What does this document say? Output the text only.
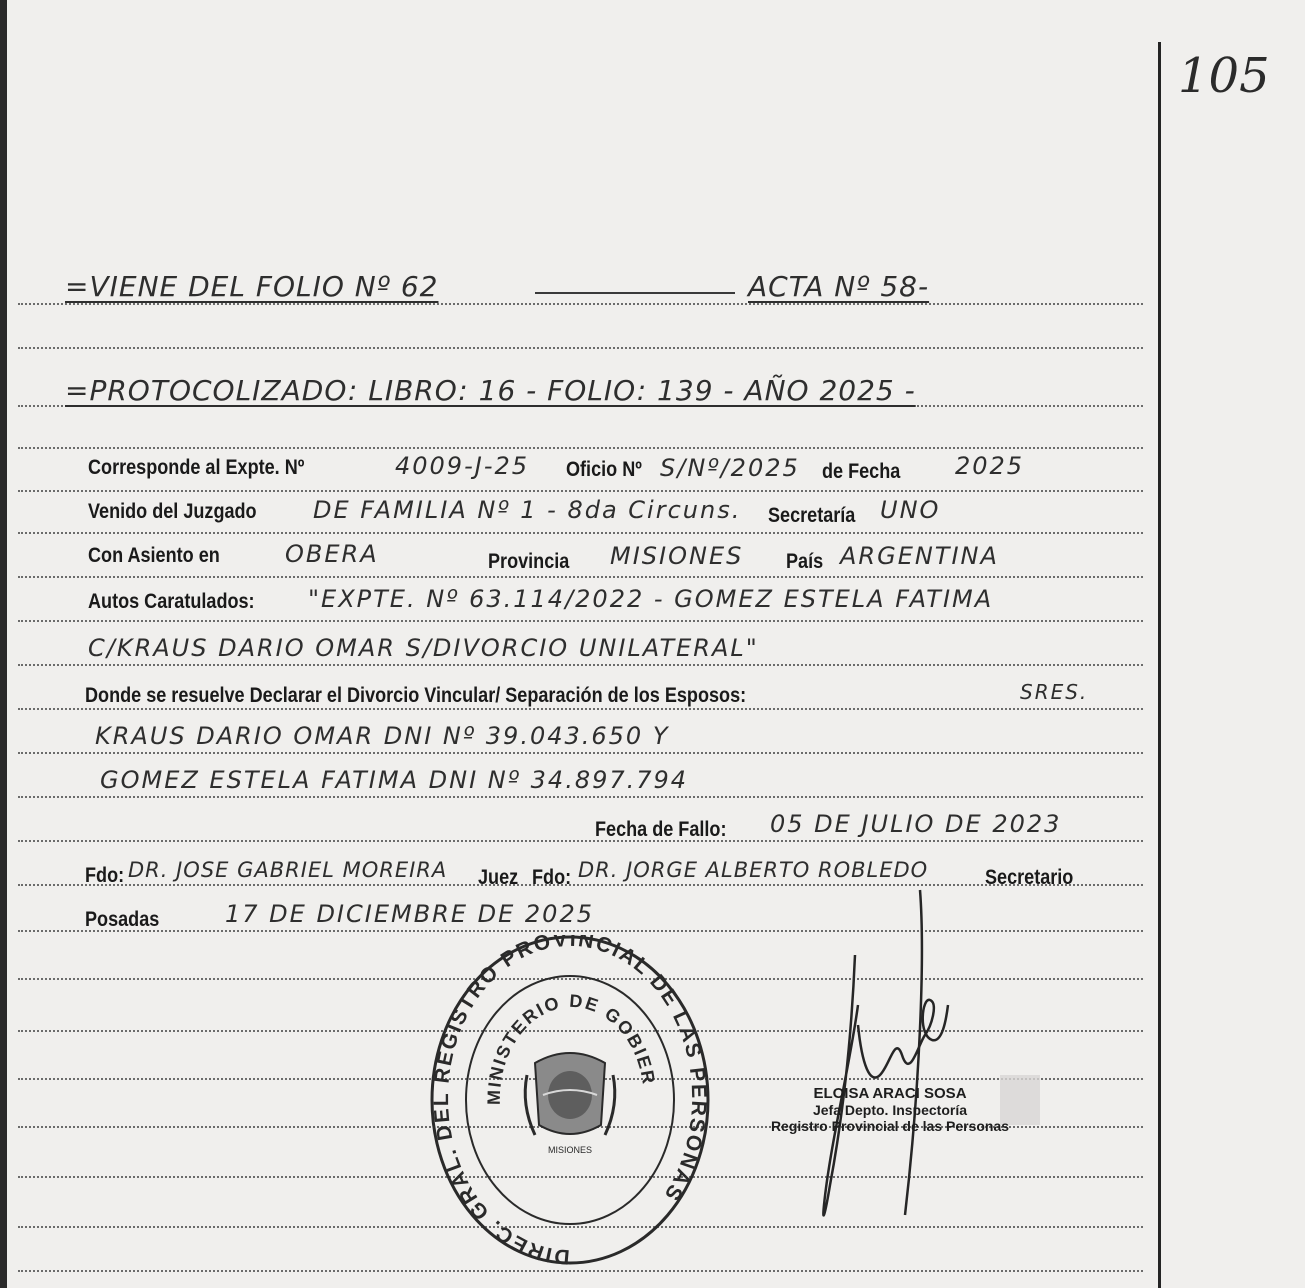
105
=VIENE DEL FOLIO Nº 62	ACTA Nº 58-
=PROTOCOLIZADO: LIBRO: 16 - FOLIO: 139 - AÑO 2025 -
Corresponde al Expte. Nº	4009-J-25 Oficio Nº S/Nº/2025 de Fecha 2025
Venido del Juzgado DE FAMILIA Nº 1 - 8da Circuns. Secretaría UNO
Con Asiento en	OBERA	Provincia MISIONES País ARGENTINA
Autos Caratulados: "EXPTE. Nº 63.114/2022 - GOMEZ ESTELA FATIMA
C/KRAUS DARIO OMAR S/DIVORCIO UNILATERAL"
Donde se resuelve Declarar el Divorcio Vincular/ Separación de los Esposos:	SRES.
KRAUS DARIO OMAR DNI Nº 39.043.650 Y
GOMEZ ESTELA FATIMA DNI Nº 34.897.794
Fecha de Fallo: 05 DE JULIO DE 2023
Fdo: DR. JOSE GABRIEL MOREIRA Juez Fdo: DR. JORGE ALBERTO ROBLEDO	Secretario
Posadas	17 DE DICIEMBRE DE 2025
DIREC. GRAL. DEL REGISTRO PROVINCIAL DE LAS PERSONAS
MINISTERIO DE GOBIER
MISIONES
ELOISA ARACI SOSA
Jefa Depto. Inspectoría
Registro Provincial de las Personas
